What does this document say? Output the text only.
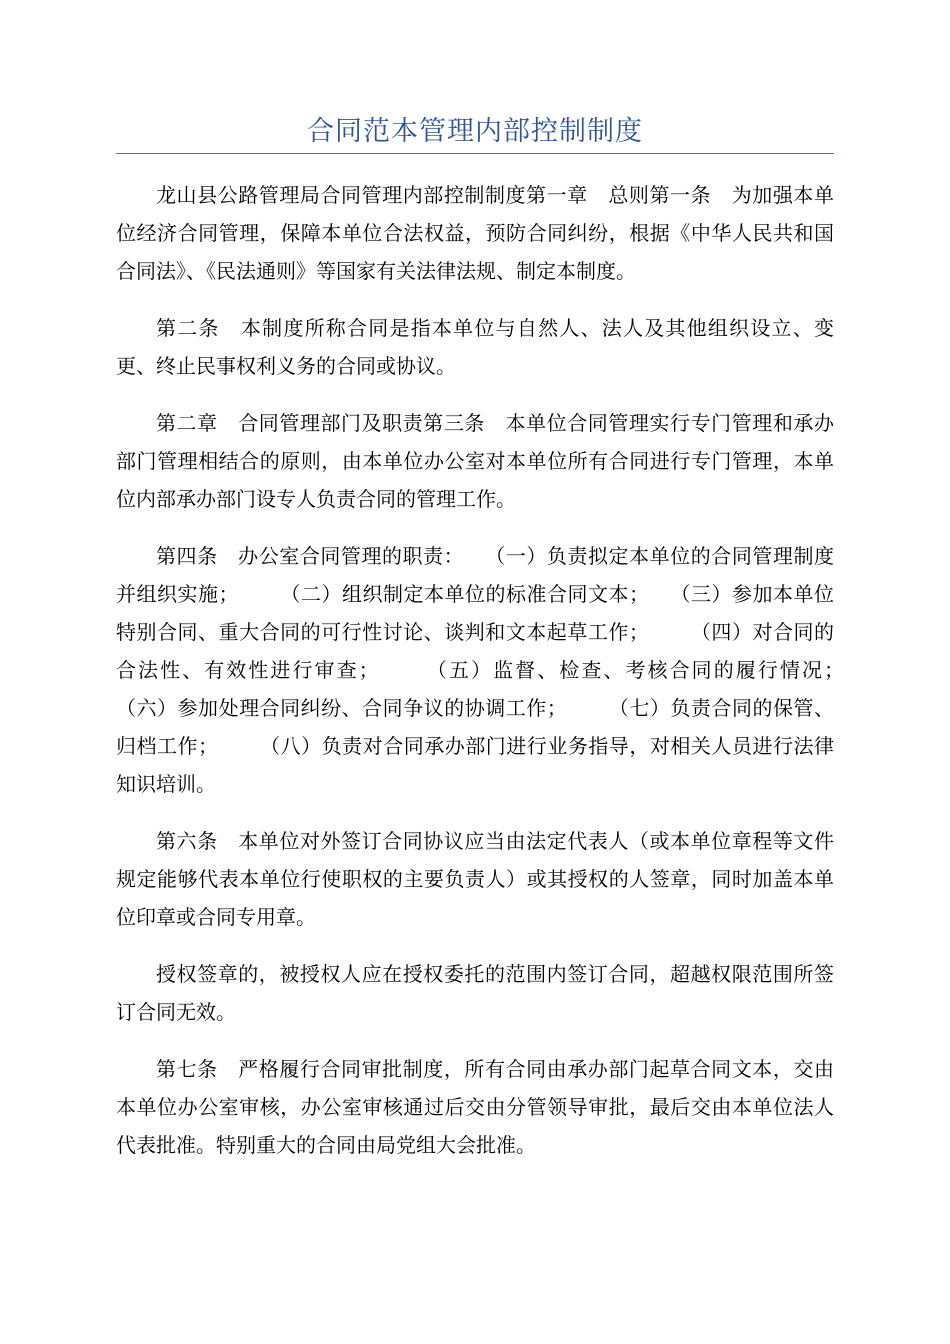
合同范本管理内部控制制度

龙山县公路管理局合同管理内部控制制度第一章　总则第一条　为加强本单位经济合同管理，保障本单位合法权益，预防合同纠纷，根据《中华人民共和国合同法》、《民法通则》等国家有关法律法规、制定本制度。

第二条　本制度所称合同是指本单位与自然人、法人及其他组织设立、变更、终止民事权利义务的合同或协议。

第二章　合同管理部门及职责第三条　本单位合同管理实行专门管理和承办部门管理相结合的原则，由本单位办公室对本单位所有合同进行专门管理，本单位内部承办部门设专人负责合同的管理工作。

第四条　办公室合同管理的职责：　　（一）负责拟定本单位的合同管理制度并组织实施；　　　（二）组织制定本单位的标准合同文本；　　（三）参加本单位特别合同、重大合同的可行性讨论、谈判和文本起草工作；　　　（四）对合同的合法性、有效性进行审查；　　　（五）监督、检查、考核合同的履行情况；　　　（六）参加处理合同纠纷、合同争议的协调工作；　　　（七）负责合同的保管、归档工作；　　　（八）负责对合同承办部门进行业务指导，对相关人员进行法律知识培训。

第六条　本单位对外签订合同协议应当由法定代表人（或本单位章程等文件规定能够代表本单位行使职权的主要负责人）或其授权的人签章，同时加盖本单位印章或合同专用章。

授权签章的，被授权人应在授权委托的范围内签订合同，超越权限范围所签订合同无效。

第七条　严格履行合同审批制度，所有合同由承办部门起草合同文本，交由本单位办公室审核，办公室审核通过后交由分管领导审批，最后交由本单位法人代表批准。特别重大的合同由局党组大会批准。
